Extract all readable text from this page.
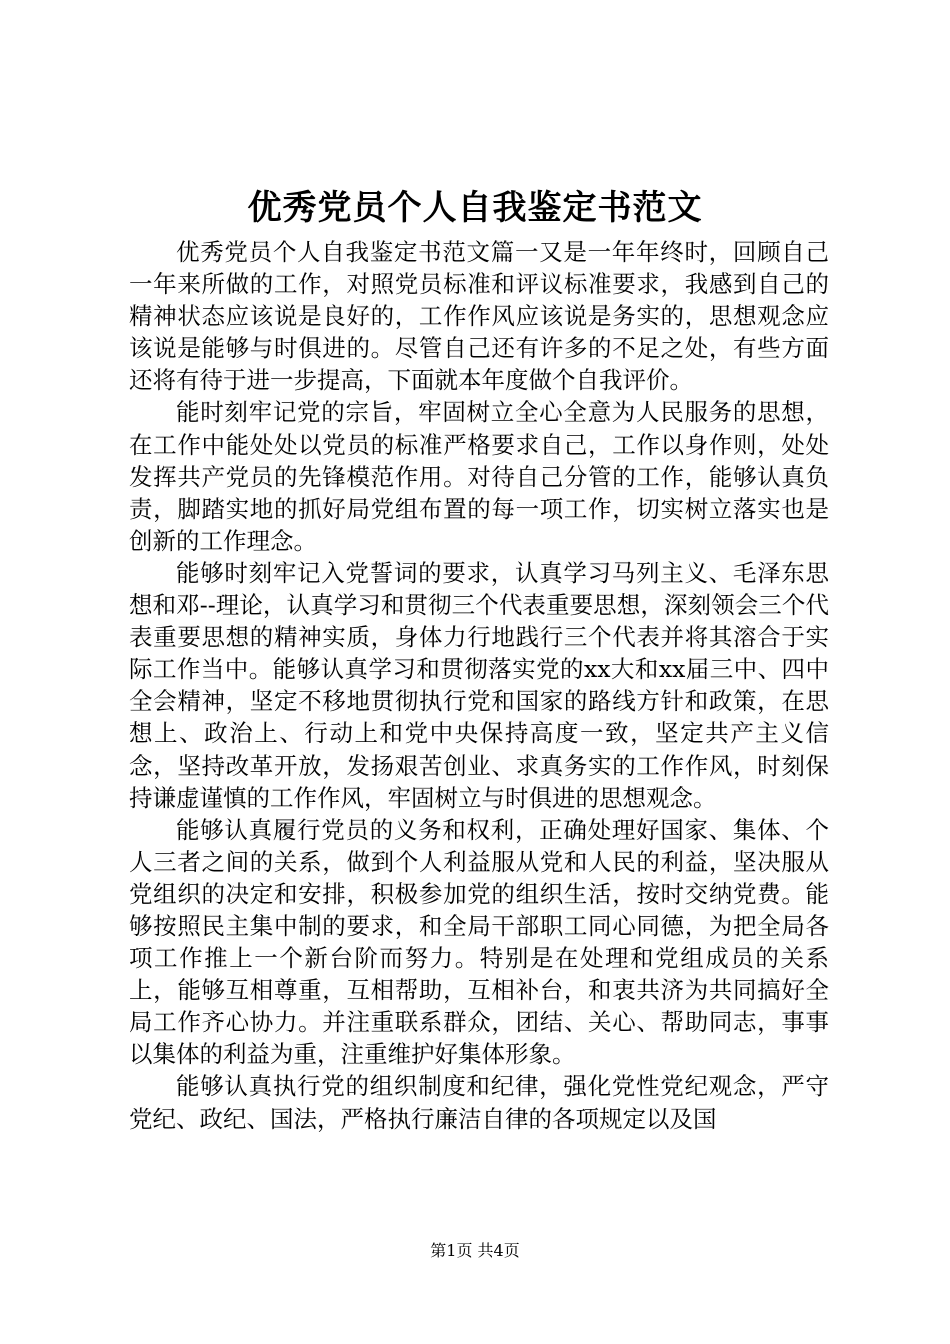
优秀党员个人自我鉴定书范文

优秀党员个人自我鉴定书范文篇一又是一年年终时，回顾自己一年来所做的工作，对照党员标准和评议标准要求，我感到自己的精神状态应该说是良好的，工作作风应该说是务实的，思想观念应该说是能够与时俱进的。尽管自己还有许多的不足之处，有些方面还将有待于进一步提高，下面就本年度做个自我评价。

能时刻牢记党的宗旨，牢固树立全心全意为人民服务的思想，在工作中能处处以党员的标准严格要求自己，工作以身作则，处处发挥共产党员的先锋模范作用。对待自己分管的工作，能够认真负责，脚踏实地的抓好局党组布置的每一项工作，切实树立落实也是创新的工作理念。

能够时刻牢记入党誓词的要求，认真学习马列主义、毛泽东思想和邓--理论，认真学习和贯彻三个代表重要思想，深刻领会三个代表重要思想的精神实质，身体力行地践行三个代表并将其溶合于实际工作当中。能够认真学习和贯彻落实党的xx大和xx届三中、四中全会精神，坚定不移地贯彻执行党和国家的路线方针和政策，在思想上、政治上、行动上和党中央保持高度一致，坚定共产主义信念，坚持改革开放，发扬艰苦创业、求真务实的工作作风，时刻保持谦虚谨慎的工作作风，牢固树立与时俱进的思想观念。

能够认真履行党员的义务和权利，正确处理好国家、集体、个人三者之间的关系，做到个人利益服从党和人民的利益，坚决服从党组织的决定和安排，积极参加党的组织生活，按时交纳党费。能够按照民主集中制的要求，和全局干部职工同心同德，为把全局各项工作推上一个新台阶而努力。特别是在处理和党组成员的关系上，能够互相尊重，互相帮助，互相补台，和衷共济为共同搞好全局工作齐心协力。并注重联系群众，团结、关心、帮助同志，事事以集体的利益为重，注重维护好集体形象。

能够认真执行党的组织制度和纪律，强化党性党纪观念，严守党纪、政纪、国法，严格执行廉洁自律的各项规定以及国

第1页 共4页
